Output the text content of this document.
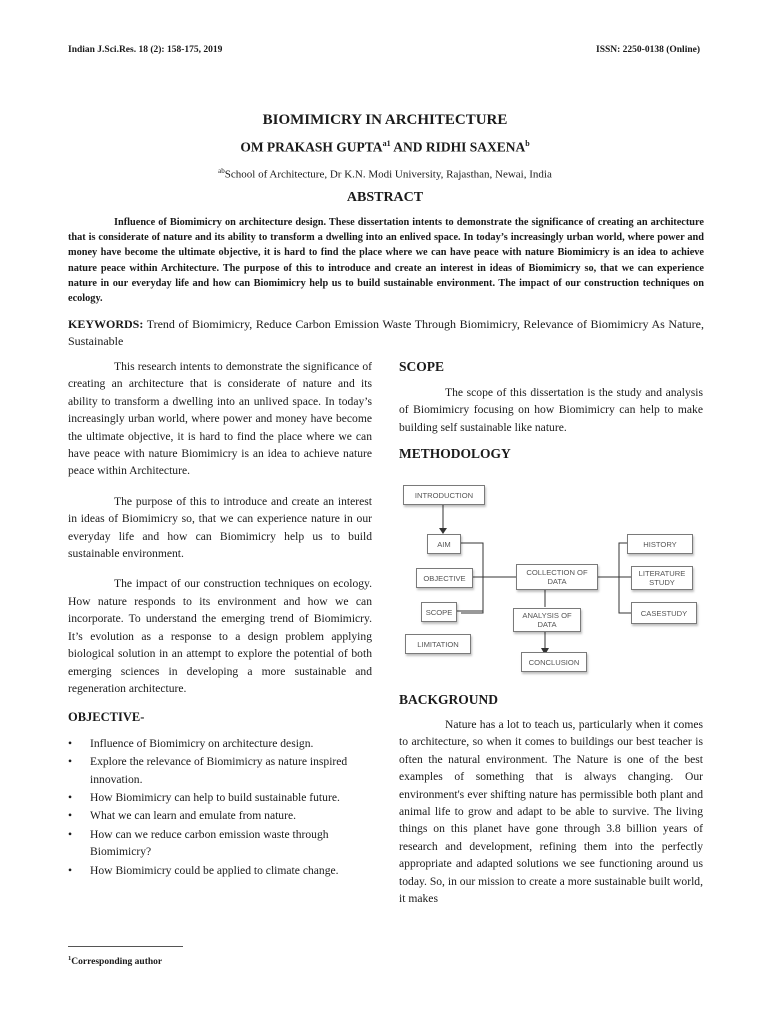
Indian J.Sci.Res. 18 (2): 158-175, 2019	ISSN: 2250-0138 (Online)
BIOMIMICRY IN ARCHITECTURE
OM PRAKASH $GUPTA^{a1}$ AND RIDHI SAXENA$^b$
$^{ab}$School of Architecture, Dr K.N. Modi University, Rajasthan, Newai, India
ABSTRACT

Influence of Biomimicry on architecture design. These dissertation intents to demonstrate the significance of creating an architecture that is considerate of nature and its ability to transform a dwelling into an enlived space. In today’s increasingly urban world, where power and money have become the ultimate objective, it is hard to find the place where we can have peace with nature Biomimicry is an idea to achieve nature peace within Architecture. The purpose of this to introduce and create an interest in ideas of Biomimicry so, that we can experience nature in our everyday life and how can Biomimicry help us to build sustainable environment. The impact of our construction techniques on ecology.

KEYWORDS: Trend of Biomimicry, Reduce Carbon Emission Waste Through Biomimicry, Relevance of Biomimicry As Nature, Sustainable

This research intents to demonstrate the significance of creating an architecture that is considerate of nature and its ability to transform a dwelling into an unlived space. In today’s increasingly urban world, where power and money have become the ultimate objective, it is hard to find the place where we can have peace with nature Biomimicry is an idea to achieve nature peace within Architecture.

The purpose of this to introduce and create an interest in ideas of Biomimicry so, that we can experience nature in our everyday life and how can Biomimicry help us to build sustainable environment.

The impact of our construction techniques on ecology. How nature responds to its environment and how we can incorporate. To understand the emerging trend of Biomimicry. It’s evolution as a response to a design problem applying biological solution in an attempt to explore the potential of both emerging sciences in developing a more sustainable and regeneration architecture.

OBJECTIVE-
• Influence of Biomimicry on architecture design.
• Explore the relevance of Biomimicry as nature inspired innovation.
• How Biomimicry can help to build sustainable future.
• What we can learn and emulate from nature.
• How can we reduce carbon emission waste through Biomimicry?
• How Biomimicry could be applied to climate change.
SCOPE

The scope of this dissertation is the study and analysis of Biomimicry focusing on how Biomimicry can help to make building self sustainable like nature.

METHODOLOGY
BACKGROUND

Nature has a lot to teach us, particularly when it comes to architecture, so when it comes to buildings our best teacher is often the natural environment. The Nature is one of the best examples of something that is always changing. Our environment's ever shifting nature has permissible both plant and animal life to grow and adapt to be able to survive. The living things on this planet have gone through 3.8 billion years of research and development, refining them into the perfectly appropriate and adapted solutions we see functioning around us today. So, in our mission to create a more sustainable built world, it makes

INTRODUCTION
AIM
OBJECTIVE
SCOPE
LIMITATION
COLLECTION OF DATA
ANALYSIS OF DATA
CONCLUSION
HISTORY
LITERATURE STUDY
CASESTUDY
$^1$Corresponding author
